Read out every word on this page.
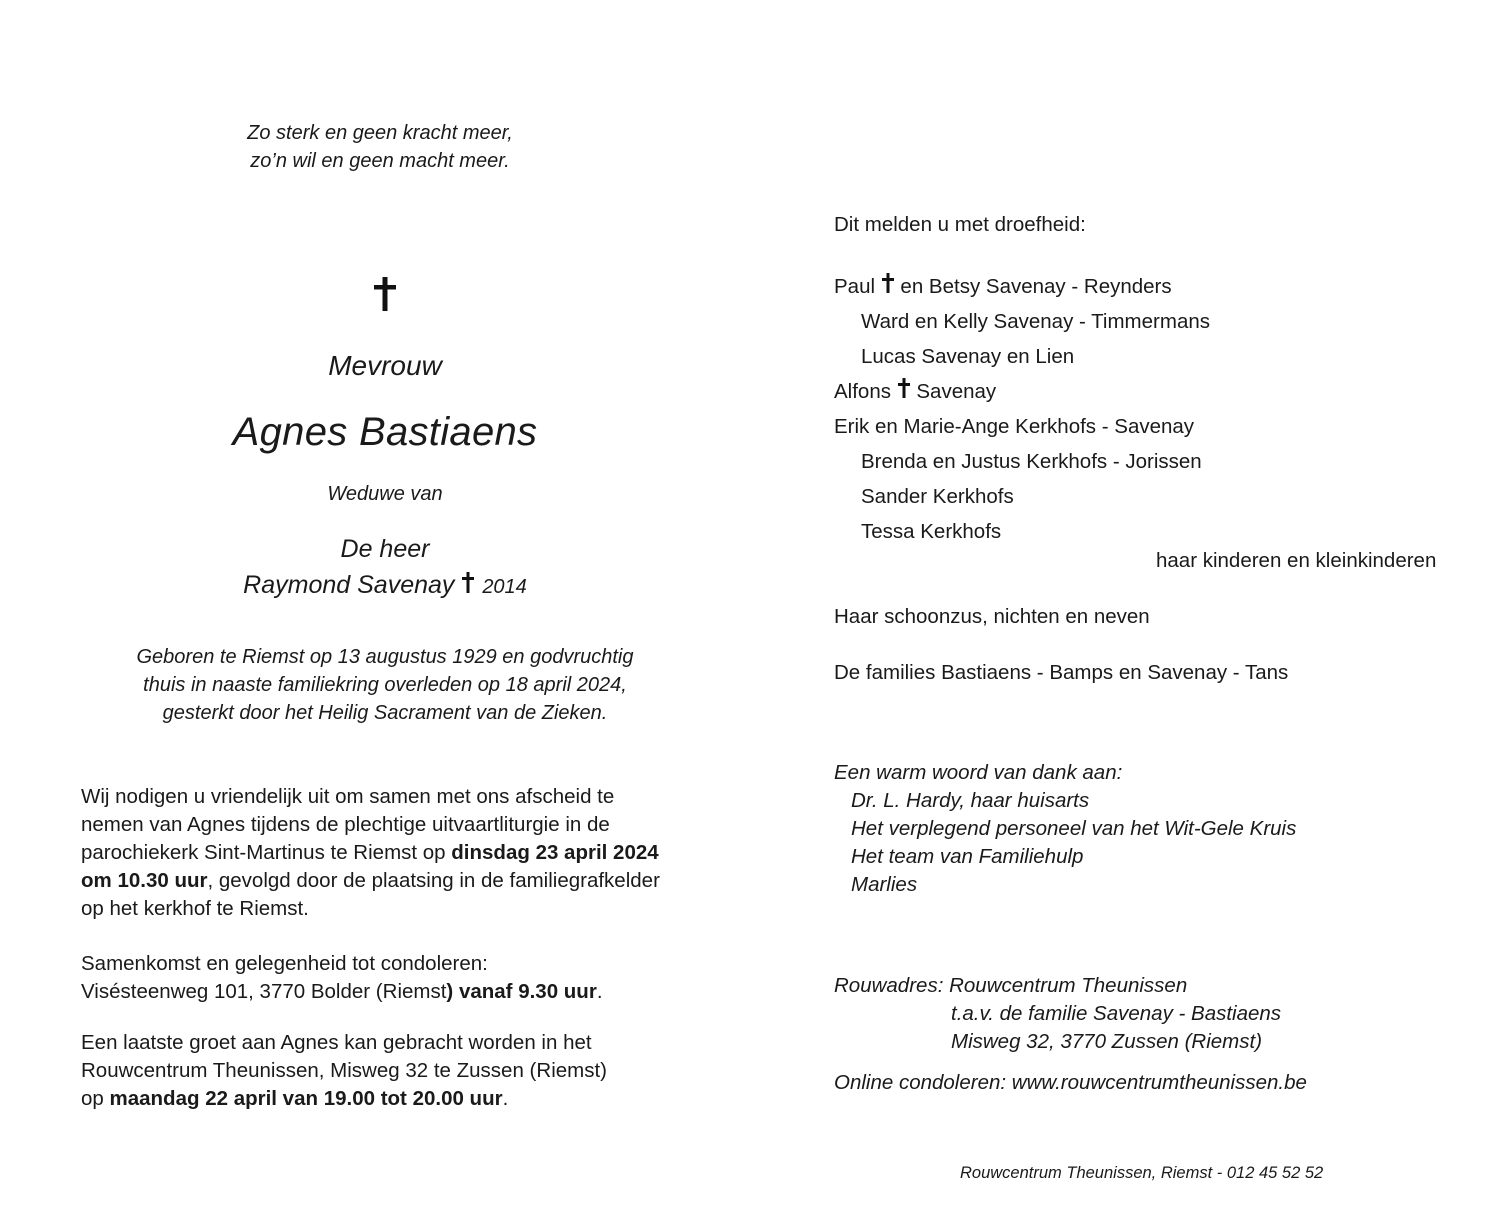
Zo sterk en geen kracht meer,
zo’n wil en geen macht meer.
Mevrouw
Agnes Bastiaens
Weduwe van
De heer
Raymond Savenay 2014
Geboren te Riemst op 13 augustus 1929 en godvruchtig
thuis in naaste familiekring overleden op 18 april 2024,
gesterkt door het Heilig Sacrament van de Zieken.
Wij nodigen u vriendelijk uit om samen met ons afscheid te
nemen van Agnes tijdens de plechtige uitvaartliturgie in de
parochiekerk Sint-Martinus te Riemst op dinsdag 23 april 2024
om 10.30 uur, gevolgd door de plaatsing in de familiegrafkelder
op het kerkhof te Riemst.
Samenkomst en gelegenheid tot condoleren:
Visésteenweg 101, 3770 Bolder (Riemst) vanaf 9.30 uur.
Een laatste groet aan Agnes kan gebracht worden in het
Rouwcentrum Theunissen, Misweg 32 te Zussen (Riemst)
op maandag 22 april van 19.00 tot 20.00 uur.
Dit melden u met droefheid:
Paul  en Betsy Savenay - Reynders
Ward en Kelly Savenay - Timmermans
Lucas Savenay en Lien
Alfons  Savenay
Erik en Marie-Ange Kerkhofs - Savenay
Brenda en Justus Kerkhofs - Jorissen
Sander Kerkhofs
Tessa Kerkhofs
haar kinderen en kleinkinderen
Haar schoonzus, nichten en neven
De families Bastiaens - Bamps en Savenay - Tans
Een warm woord van dank aan:
Dr. L. Hardy, haar huisarts
Het verplegend personeel van het Wit-Gele Kruis
Het team van Familiehulp
Marlies
Rouwadres: Rouwcentrum Theunissen
t.a.v. de familie Savenay - Bastiaens
Misweg 32, 3770 Zussen (Riemst)
Online condoleren: www.rouwcentrumtheunissen.be
Rouwcentrum Theunissen, Riemst - 012 45 52 52
